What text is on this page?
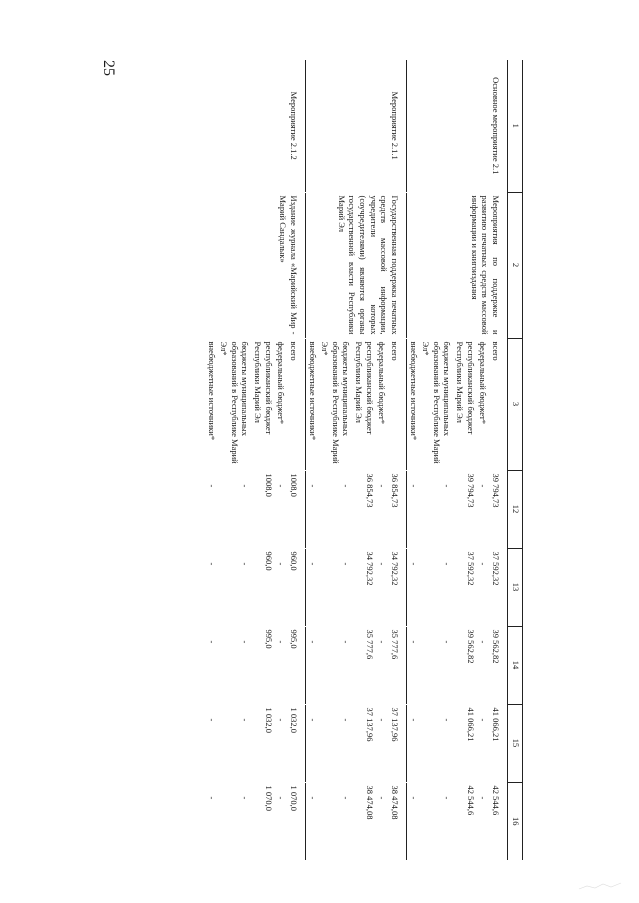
25
1	2	3	12	13	14	15	16
Основное мероприятие 2.1	Мероприятия по поддержке и развитию печатных средств массовой информации и книгоиздания	всего	39 794,73	37 592,32	39 562,82	41 066,21	42 544,6
		федеральный бюджет*	-	-	-	-	-
		республиканский бюджет Республики Марий Эл	39 794,73	37 592,32	39 562,82	41 066,21	42 544,6
		бюджеты муниципальных образований в Республике Марий Эл*	-	-	-	-	-
		внебюджетные источники*	-	-	-	-	-
Мероприятие 2.1.1	Государственная поддержка печатных средств массовой информации, учредители которых (соучредителями) являются органы государственной власти Республики Марий Эл	всего	36 854,73	34 792,32	35 777,6	37 137,96	38 474,08
		федеральный бюджет*	-	-	-	-	-
		республиканский бюджет Республики Марий Эл	36 854,73	34 792,32	35 777,6	37 137,96	38 474,08
		бюджеты муниципальных образований в Республике Марий Эл*	-	-	-	-	-
		внебюджетные источники*	-	-	-	-	-
Мероприятие 2.1.2	Издание журнала «Марийский Мир - Марий Сандалык»	всего	1008,0	960,0	995,0	1 032,0	1 070,0
		федеральный бюджет*	-	-	-	-	-
		республиканский бюджет Республики Марий Эл	1008,0	960,0	995,0	1 032,0	1 070,0
		бюджеты муниципальных образований в Республике Марий Эл*	-	-	-	-	-
		внебюджетные источники*	-	-	-	-	-
